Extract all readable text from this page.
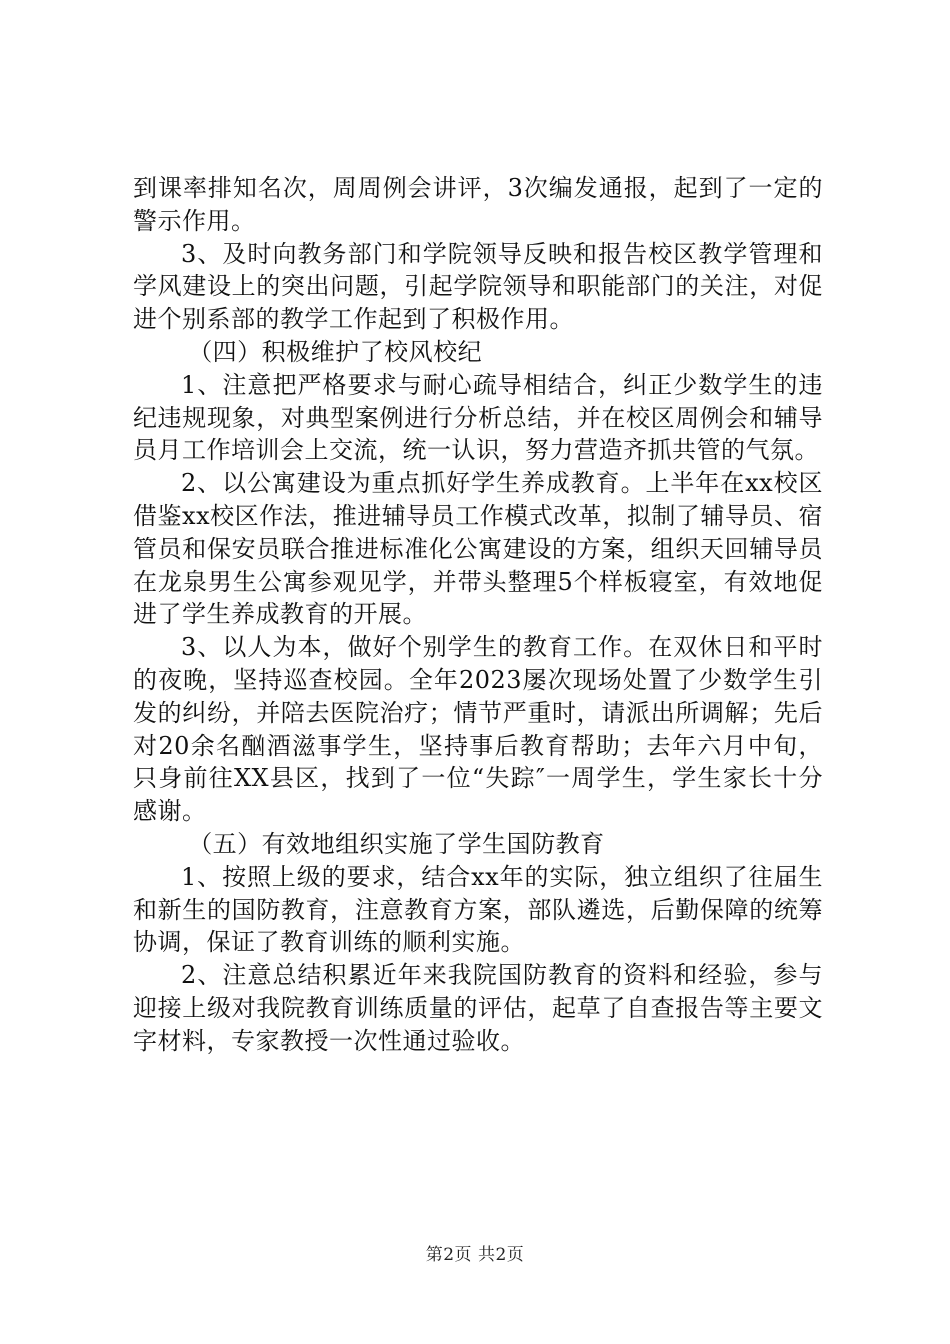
到课率排知名次，周周例会讲评，3次编发通报，起到了一定的警示作用。

3、及时向教务部门和学院领导反映和报告校区教学管理和学风建设上的突出问题，引起学院领导和职能部门的关注，对促进个别系部的教学工作起到了积极作用。

（四）积极维护了校风校纪

1、注意把严格要求与耐心疏导相结合，纠正少数学生的违纪违规现象，对典型案例进行分析总结，并在校区周例会和辅导员月工作培训会上交流，统一认识，努力营造齐抓共管的气氛。

2、以公寓建设为重点抓好学生养成教育。上半年在xx校区借鉴xx校区作法，推进辅导员工作模式改革，拟制了辅导员、宿管员和保安员联合推进标准化公寓建设的方案，组织天回辅导员在龙泉男生公寓参观见学，并带头整理5个样板寝室，有效地促进了学生养成教育的开展。

3、以人为本，做好个别学生的教育工作。在双休日和平时的夜晚，坚持巡查校园。全年2023屡次现场处置了少数学生引发的纠纷，并陪去医院治疗；情节严重时，请派出所调解；先后对20余名酗酒滋事学生，坚持事后教育帮助；去年六月中旬，只身前往XX县区，找到了一位“失踪″一周学生，学生家长十分感谢。

（五）有效地组织实施了学生国防教育

1、按照上级的要求，结合xx年的实际，独立组织了往届生和新生的国防教育，注意教育方案，部队遴选，后勤保障的统筹协调，保证了教育训练的顺利实施。

2、注意总结积累近年来我院国防教育的资料和经验，参与迎接上级对我院教育训练质量的评估，起草了自查报告等主要文字材料，专家教授一次性通过验收。

第2页 共2页
